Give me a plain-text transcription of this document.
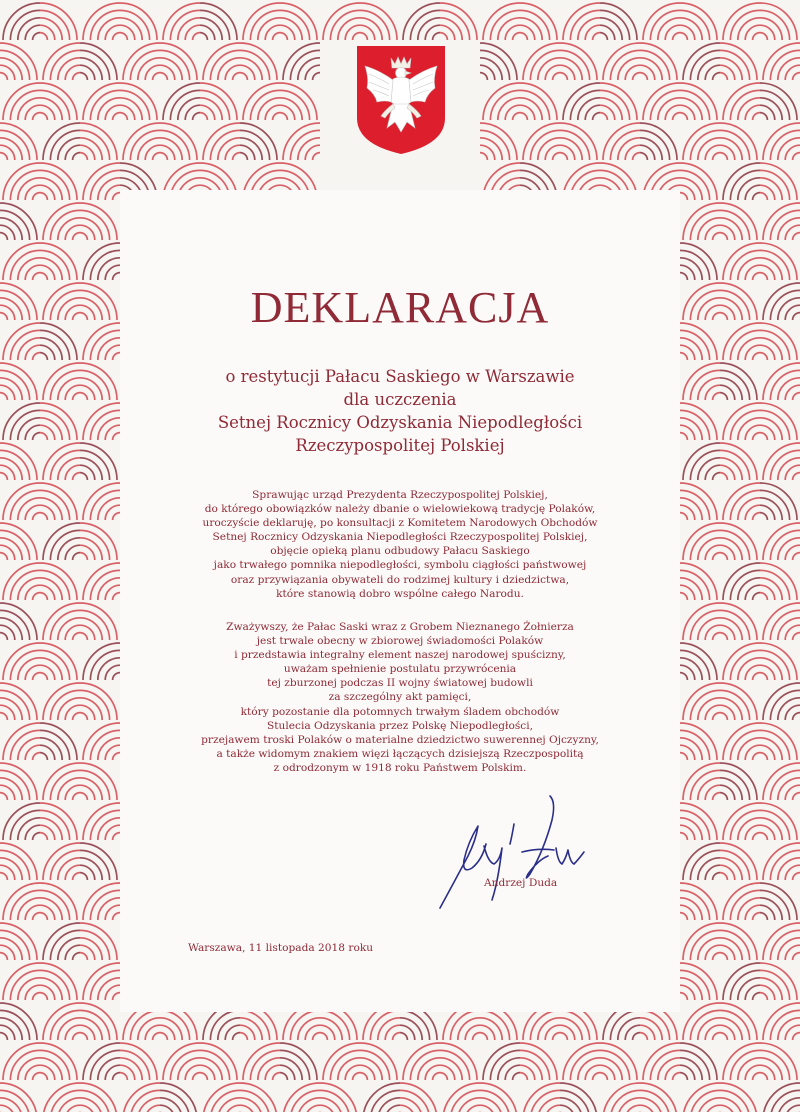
DEKLARACJA
o restytucji Pałacu Saskiego w Warszawie
dla uczczenia
Setnej Rocznicy Odzyskania Niepodległości
Rzeczypospolitej Polskiej
Sprawując urząd Prezydenta Rzeczypospolitej Polskiej,
do którego obowiązków należy dbanie o wielowiekową tradycję Polaków,
uroczyście deklaruję, po konsultacji z Komitetem Narodowych Obchodów
Setnej Rocznicy Odzyskania Niepodległości Rzeczypospolitej Polskiej,
objęcie opieką planu odbudowy Pałacu Saskiego
jako trwałego pomnika niepodległości, symbolu ciągłości państwowej
oraz przywiązania obywateli do rodzimej kultury i dziedzictwa,
które stanowią dobro wspólne całego Narodu.
Zważywszy, że Pałac Saski wraz z Grobem Nieznanego Żołnierza
jest trwale obecny w zbiorowej świadomości Polaków
i przedstawia integralny element naszej narodowej spuścizny,
uważam spełnienie postulatu przywrócenia
tej zburzonej podczas II wojny światowej budowli
za szczególny akt pamięci,
który pozostanie dla potomnych trwałym śladem obchodów
Stulecia Odzyskania przez Polskę Niepodległości,
przejawem troski Polaków o materialne dziedzictwo suwerennej Ojczyzny,
a także widomym znakiem więzi łączących dzisiejszą Rzeczpospolitą
z odrodzonym w 1918 roku Państwem Polskim.
Andrzej Duda
Warszawa, 11 listopada 2018 roku
